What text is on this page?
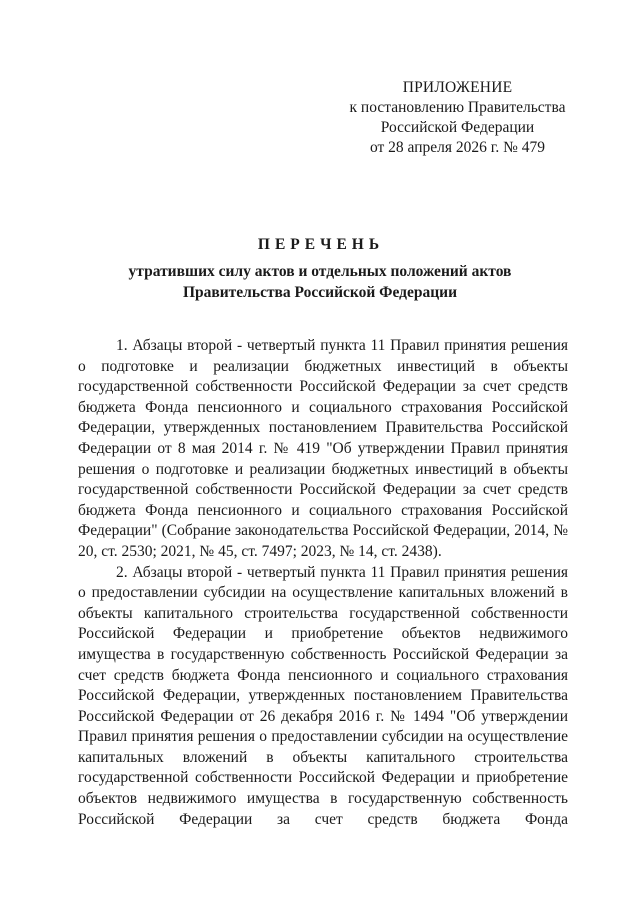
ПРИЛОЖЕНИЕ
к постановлению Правительства
Российской Федерации
от 28 апреля 2026 г. № 479
ПЕРЕЧЕНЬ
утративших силу актов и отдельных положений актов
Правительства Российской Федерации

1. Абзацы второй - четвертый пункта 11 Правил принятия решения о подготовке и реализации бюджетных инвестиций в объекты государственной собственности Российской Федерации за счет средств бюджета Фонда пенсионного и социального страхования Российской Федерации, утвержденных постановлением Правительства Российской Федерации от 8 мая 2014 г. № 419 "Об утверждении Правил принятия решения о подготовке и реализации бюджетных инвестиций в объекты государственной собственности Российской Федерации за счет средств бюджета Фонда пенсионного и социального страхования Российской Федерации" (Собрание законодательства Российской Федерации, 2014, № 20, ст. 2530; 2021, № 45, ст. 7497; 2023, № 14, ст. 2438).

2. Абзацы второй - четвертый пункта 11 Правил принятия решения о предоставлении субсидии на осуществление капитальных вложений в объекты капитального строительства государственной собственности Российской Федерации и приобретение объектов недвижимого имущества в государственную собственность Российской Федерации за счет средств бюджета Фонда пенсионного и социального страхования Российской Федерации, утвержденных постановлением Правительства Российской Федерации от 26 декабря 2016 г. № 1494 "Об утверждении Правил принятия решения о предоставлении субсидии на осуществление капитальных вложений в объекты капитального строительства государственной собственности Российской Федерации и приобретение объектов недвижимого имущества в государственную собственность Российской Федерации за счет средств бюджета Фонда
